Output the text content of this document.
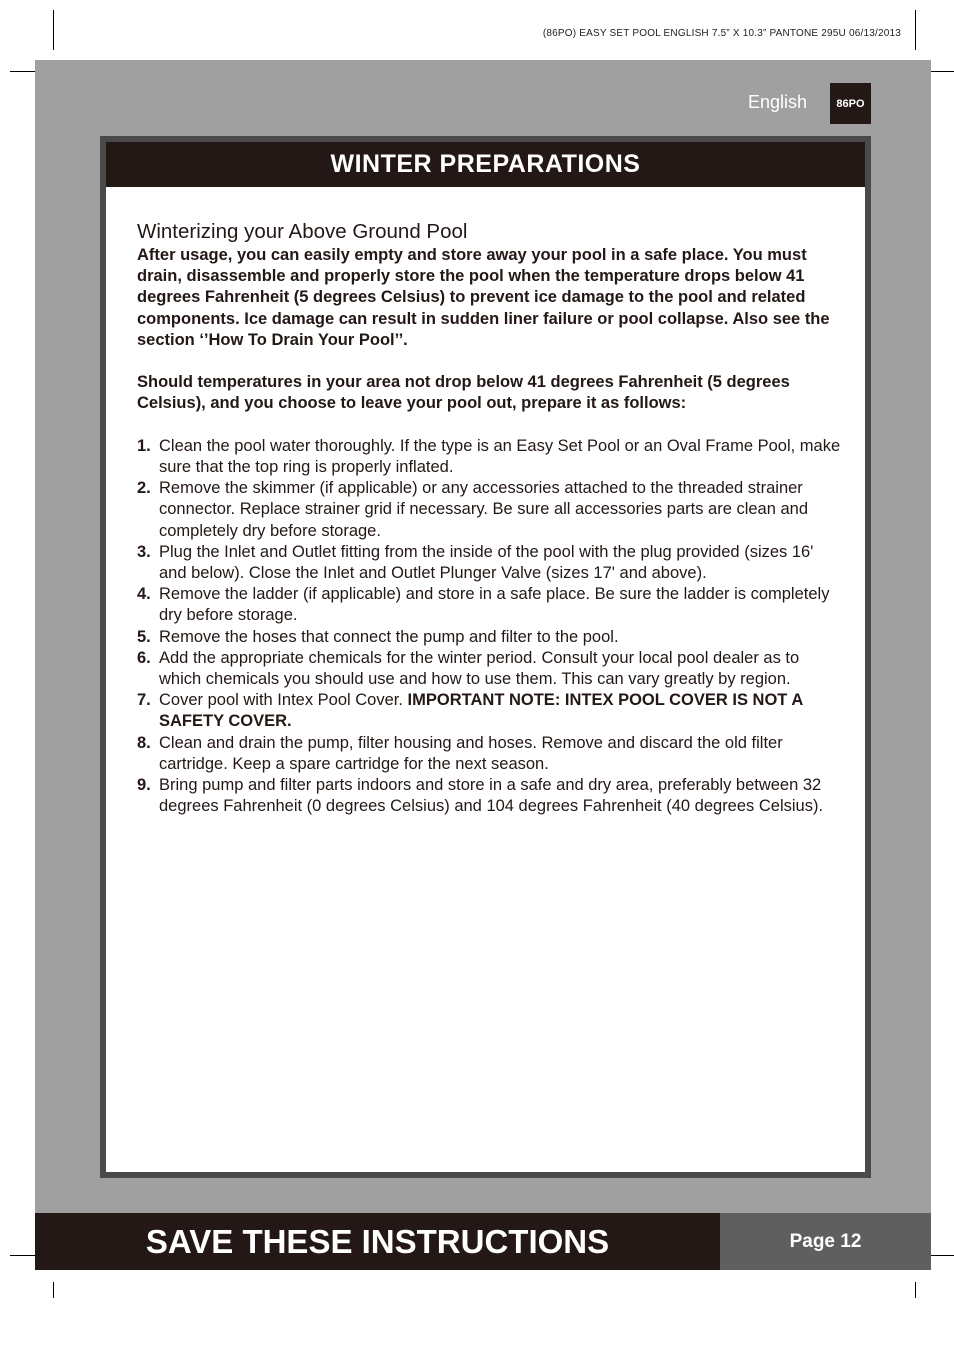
(86PO) EASY SET POOL ENGLISH 7.5” X 10.3” PANTONE 295U 06/13/2013
English	86PO
WINTER PREPARATIONS
Winterizing your Above Ground Pool

After usage, you can easily empty and store away your pool in a safe place. You must drain, disassemble and properly store the pool when the temperature drops below 41 degrees Fahrenheit (5 degrees Celsius) to prevent ice damage to the pool and related components. Ice damage can result in sudden liner failure or pool collapse. Also see the section ‘’How To Drain Your Pool’’.

Should temperatures in your area not drop below 41 degrees Fahrenheit (5 degrees Celsius), and you choose to leave your pool out, prepare it as follows:

1. Clean the pool water thoroughly. If the type is an Easy Set Pool or an Oval Frame Pool, make sure that the top ring is properly inflated.
2. Remove the skimmer (if applicable) or any accessories attached to the threaded strainer connector. Replace strainer grid if necessary. Be sure all accessories parts are clean and completely dry before storage.
3. Plug the Inlet and Outlet fitting from the inside of the pool with the plug provided (sizes 16' and below). Close the Inlet and Outlet Plunger Valve (sizes 17' and above).
4. Remove the ladder (if applicable) and store in a safe place. Be sure the ladder is completely dry before storage.
5. Remove the hoses that connect the pump and filter to the pool.
6. Add the appropriate chemicals for the winter period. Consult your local pool dealer as to which chemicals you should use and how to use them. This can vary greatly by region.
7. Cover pool with Intex Pool Cover. IMPORTANT NOTE: INTEX POOL COVER IS NOT A SAFETY COVER.
8. Clean and drain the pump, filter housing and hoses. Remove and discard the old filter cartridge. Keep a spare cartridge for the next season.
9. Bring pump and filter parts indoors and store in a safe and dry area, preferably between 32 degrees Fahrenheit (0 degrees Celsius) and 104 degrees Fahrenheit (40 degrees Celsius).
SAVE THESE INSTRUCTIONS	Page 12
